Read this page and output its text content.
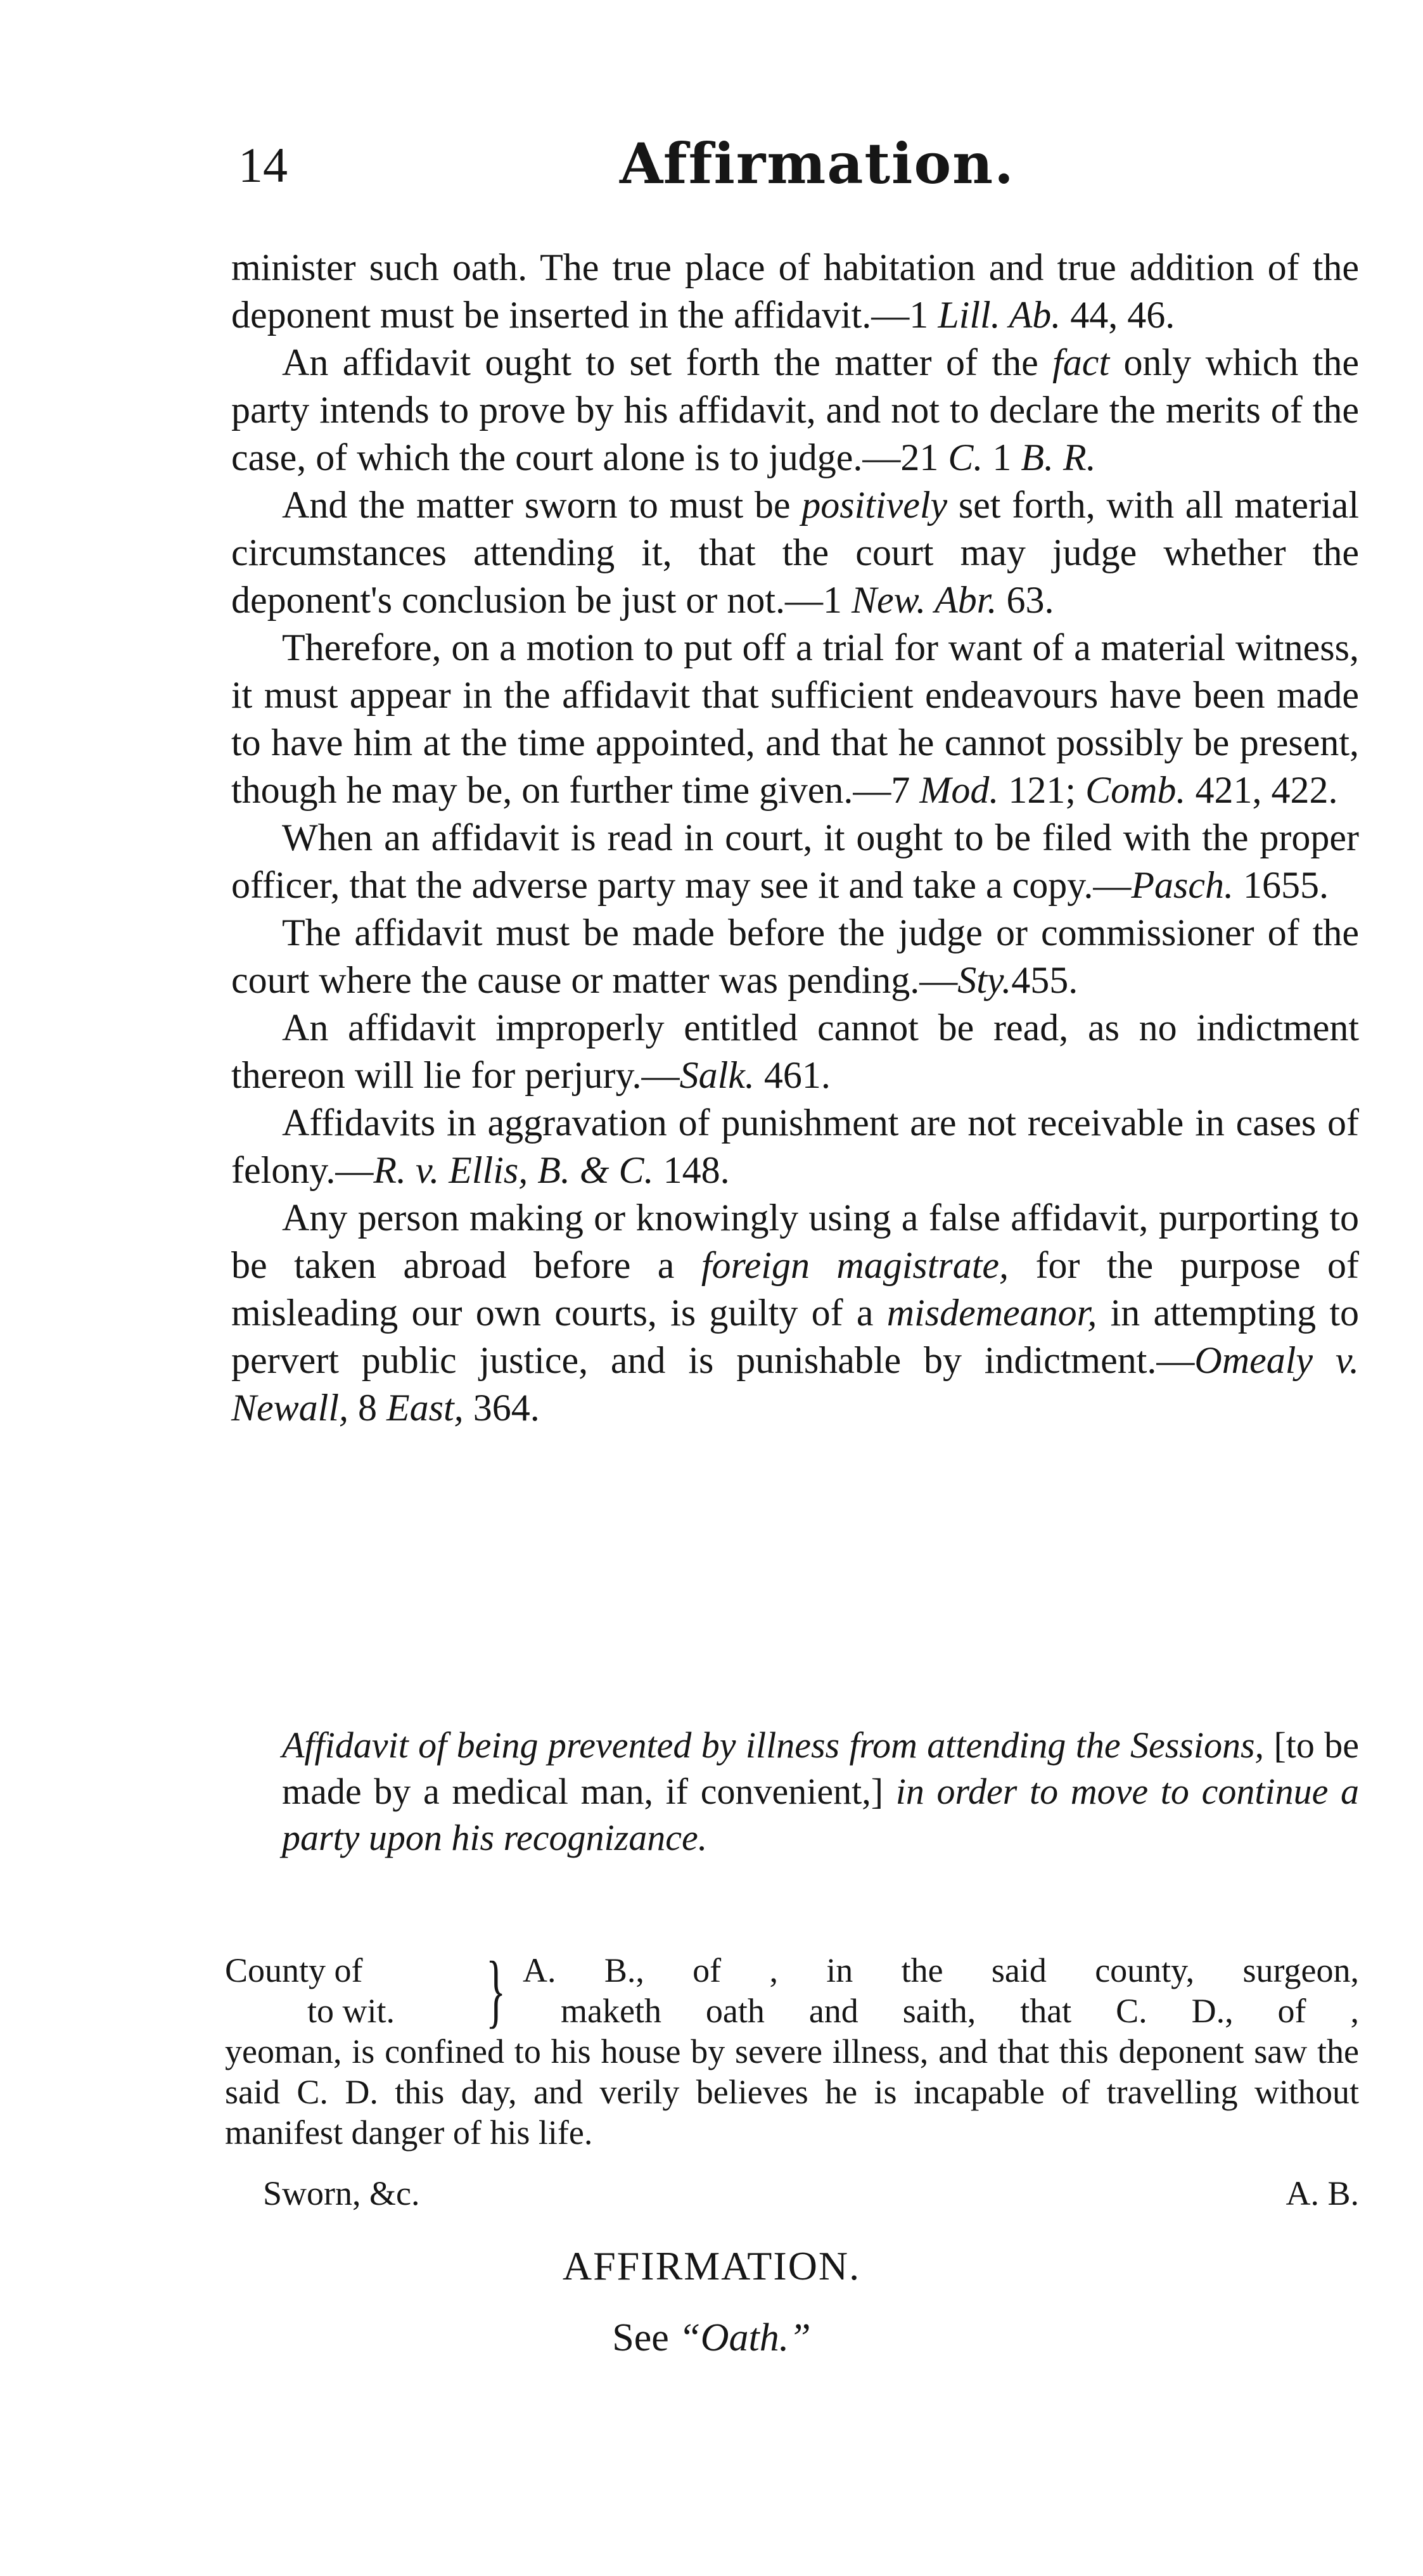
14	Affirmation.

minister such oath. The true place of habitation and true addition of the deponent must be inserted in the affidavit.—1 Lill. Ab. 44, 46.

An affidavit ought to set forth the matter of the fact only which the party intends to prove by his affidavit, and not to declare the merits of the case, of which the court alone is to judge.—21 C. 1 B. R.

And the matter sworn to must be positively set forth, with all material circumstances attending it, that the court may judge whether the deponent's conclusion be just or not.—1 New. Abr. 63.

Therefore, on a motion to put off a trial for want of a material witness, it must appear in the affidavit that sufficient endeavours have been made to have him at the time appointed, and that he cannot possibly be present, though he may be, on further time given.—7 Mod. 121; Comb. 421, 422.

When an affidavit is read in court, it ought to be filed with the proper officer, that the adverse party may see it and take a copy.—Pasch. 1655.

The affidavit must be made before the judge or commissioner of the court where the cause or matter was pending.—Sty.455.

An affidavit improperly entitled cannot be read, as no indictment thereon will lie for perjury.—Salk. 461.

Affidavits in aggravation of punishment are not receivable in cases of felony.—R. v. Ellis, B. & C. 148.

Any person making or knowingly using a false affidavit, purporting to be taken abroad before a foreign magistrate, for the purpose of misleading our own courts, is guilty of a misdemeanor, in attempting to pervert public justice, and is punishable by indictment.—Omealy v. Newall, 8 East, 364.

Affidavit of being prevented by illness from attending the Sessions, [to be made by a medical man, if convenient,] in order to move to continue a party upon his recognizance.
County of
to wit. } A. B., of , in the said county, surgeon,
maketh oath and saith, that C. D., of ,
yeoman, is confined to his house by severe illness, and that this deponent saw the said C. D. this day, and verily believes he is incapable of travelling without manifest danger of his life.
Sworn, &c.	A. B.
AFFIRMATION.
See “Oath.”
